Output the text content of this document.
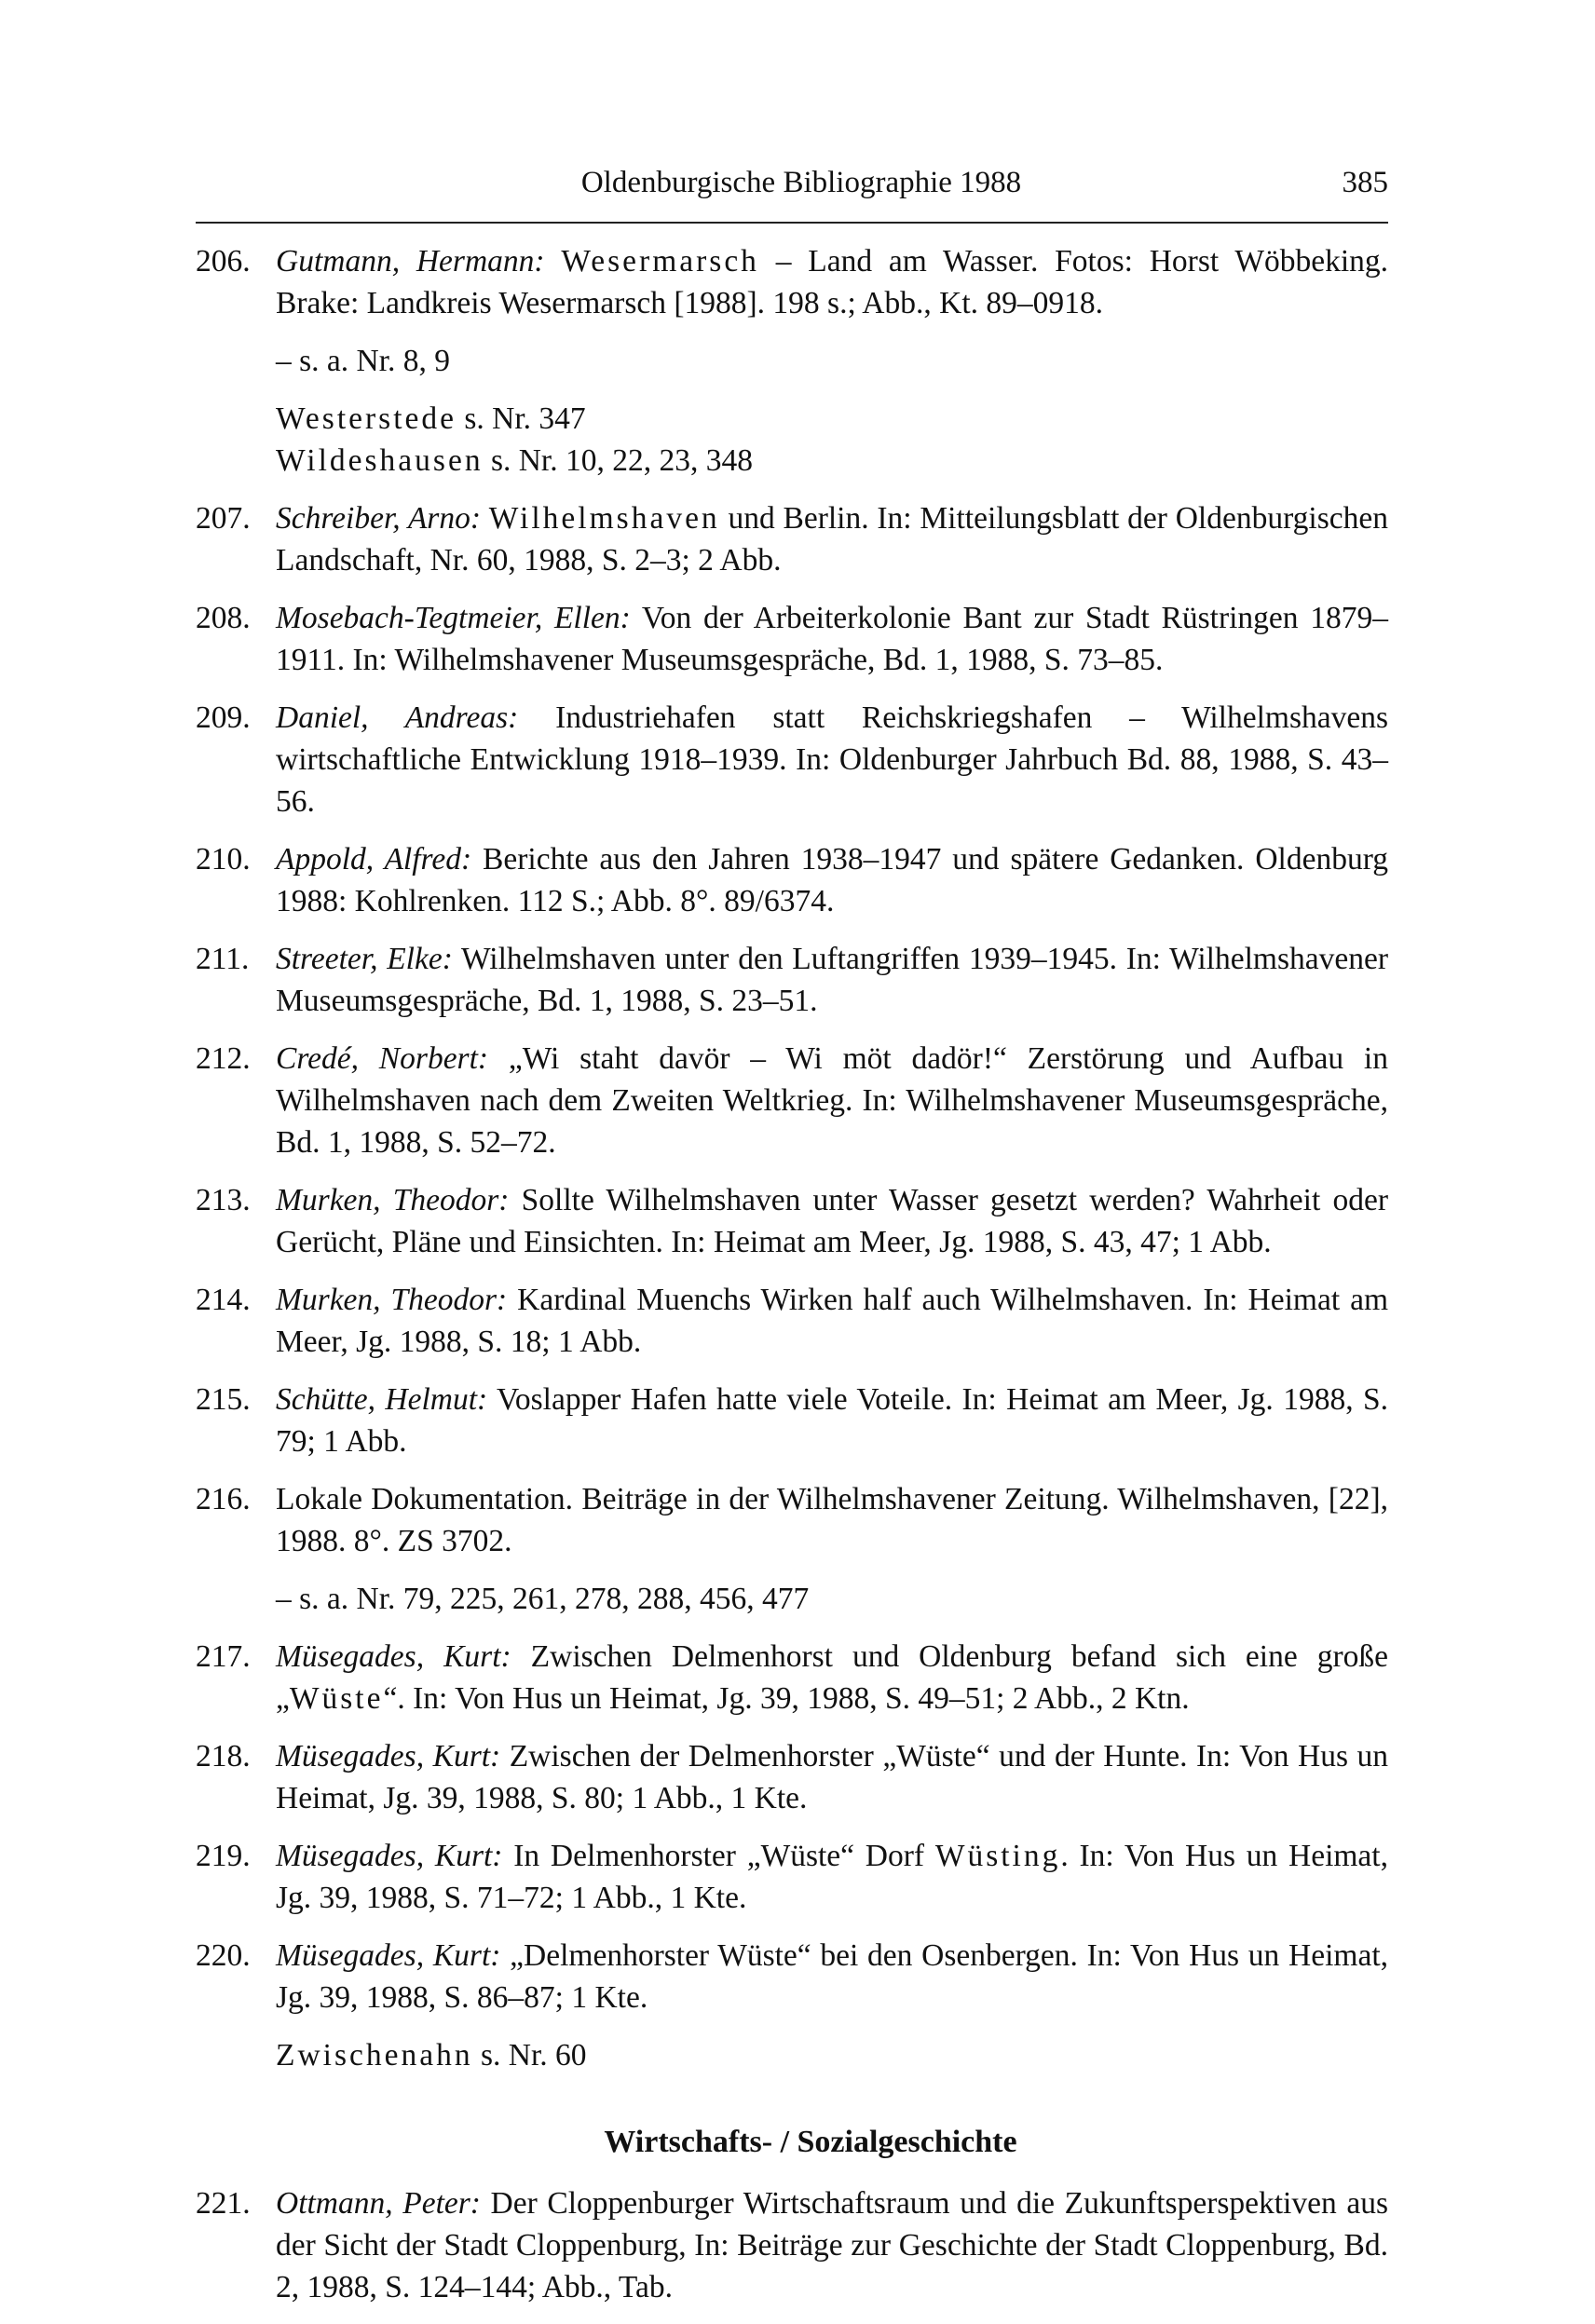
Oldenburgische Bibliographie 1988	385
206. Gutmann, Hermann: Wesermarsch – Land am Wasser. Fotos: Horst Wöbbeking. Brake: Landkreis Wesermarsch [1988]. 198 s.; Abb., Kt. 89–0918.
– s. a. Nr. 8, 9
Westerstede s. Nr. 347
Wildeshausen s. Nr. 10, 22, 23, 348
207. Schreiber, Arno: Wilhelmshaven und Berlin. In: Mitteilungsblatt der Oldenburgischen Landschaft, Nr. 60, 1988, S. 2–3; 2 Abb.
208. Mosebach-Tegtmeier, Ellen: Von der Arbeiterkolonie Bant zur Stadt Rüstringen 1879–1911. In: Wilhelmshavener Museumsgespräche, Bd. 1, 1988, S. 73–85.
209. Daniel, Andreas: Industriehafen statt Reichskriegshafen – Wilhelmshavens wirtschaftliche Entwicklung 1918–1939. In: Oldenburger Jahrbuch Bd. 88, 1988, S. 43–56.
210. Appold, Alfred: Berichte aus den Jahren 1938–1947 und spätere Gedanken. Oldenburg 1988: Kohlrenken. 112 S.; Abb. 8°. 89/6374.
211. Streeter, Elke: Wilhelmshaven unter den Luftangriffen 1939–1945. In: Wilhelmshavener Museumsgespräche, Bd. 1, 1988, S. 23–51.
212. Credé, Norbert: „Wi staht davör – Wi möt dadör!“ Zerstörung und Aufbau in Wilhelmshaven nach dem Zweiten Weltkrieg. In: Wilhelmshavener Museumsgespräche, Bd. 1, 1988, S. 52–72.
213. Murken, Theodor: Sollte Wilhelmshaven unter Wasser gesetzt werden? Wahrheit oder Gerücht, Pläne und Einsichten. In: Heimat am Meer, Jg. 1988, S. 43, 47; 1 Abb.
214. Murken, Theodor: Kardinal Muenchs Wirken half auch Wilhelmshaven. In: Heimat am Meer, Jg. 1988, S. 18; 1 Abb.
215. Schütte, Helmut: Voslapper Hafen hatte viele Voteile. In: Heimat am Meer, Jg. 1988, S. 79; 1 Abb.
216. Lokale Dokumentation. Beiträge in der Wilhelmshavener Zeitung. Wilhelmshaven, [22], 1988. 8°. ZS 3702.
– s. a. Nr. 79, 225, 261, 278, 288, 456, 477
217. Müsegades, Kurt: Zwischen Delmenhorst und Oldenburg befand sich eine große „Wüste“. In: Von Hus un Heimat, Jg. 39, 1988, S. 49–51; 2 Abb., 2 Ktn.
218. Müsegades, Kurt: Zwischen der Delmenhorster „Wüste“ und der Hunte. In: Von Hus un Heimat, Jg. 39, 1988, S. 80; 1 Abb., 1 Kte.
219. Müsegades, Kurt: In Delmenhorster „Wüste“ Dorf Wüsting. In: Von Hus un Heimat, Jg. 39, 1988, S. 71–72; 1 Abb., 1 Kte.
220. Müsegades, Kurt: „Delmenhorster Wüste“ bei den Osenbergen. In: Von Hus un Heimat, Jg. 39, 1988, S. 86–87; 1 Kte.
Zwischenahn s. Nr. 60
Wirtschafts- / Sozialgeschichte
221. Ottmann, Peter: Der Cloppenburger Wirtschaftsraum und die Zukunftsperspektiven aus der Sicht der Stadt Cloppenburg, In: Beiträge zur Geschichte der Stadt Cloppenburg, Bd. 2, 1988, S. 124–144; Abb., Tab.
